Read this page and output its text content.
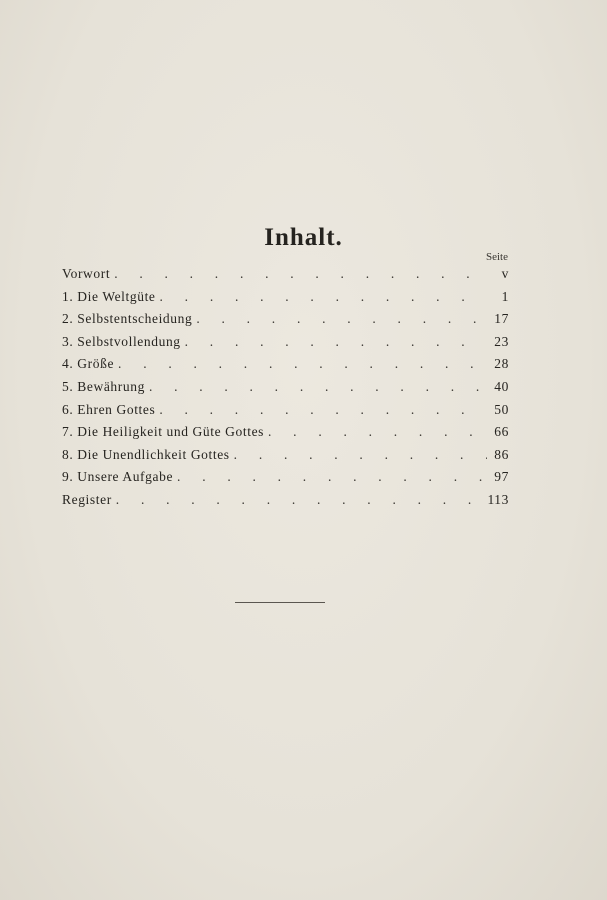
Inhalt.
Seite
Vorwort . . .	v
1. Die Weltgüte . . .	1
2. Selbstentscheidung . . .	17
3. Selbstvollendung . . .	23
4. Größe . . .	28
5. Bewährung . . .	40
6. Ehren Gottes . . .	50
7. Die Heiligkeit und Güte Gottes . . .	66
8. Die Unendlichkeit Gottes . . .	86
9. Unsere Aufgabe . . .	97
Register . . .	113
